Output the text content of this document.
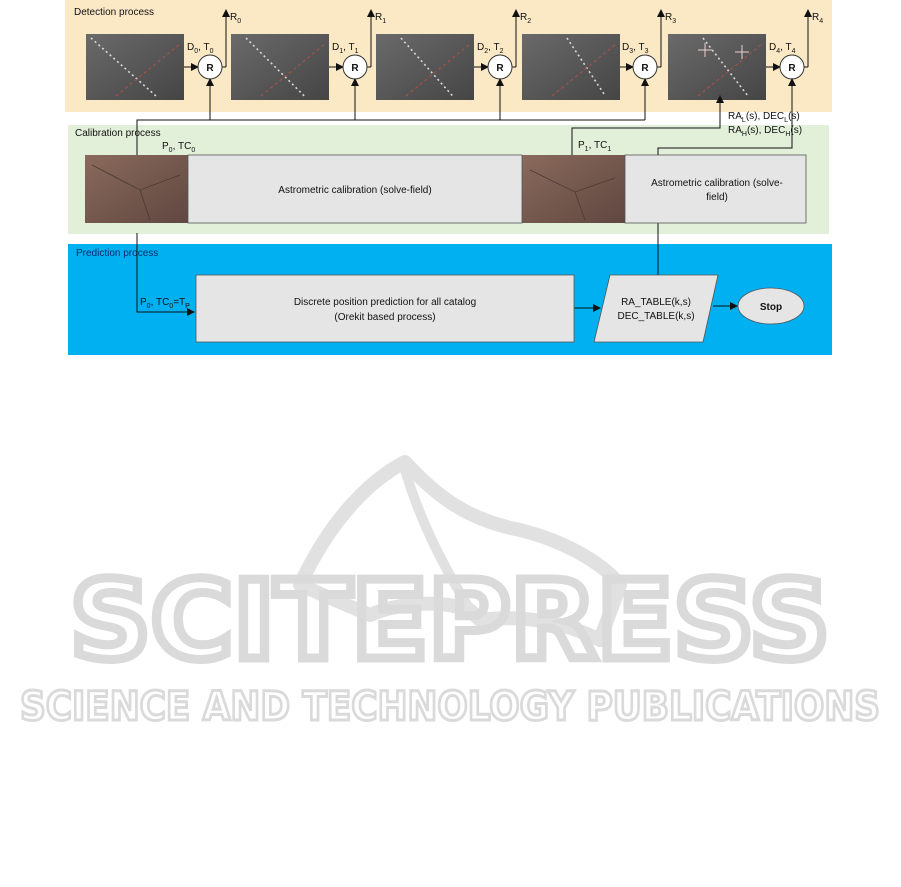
SCITEPRESS
SCIENCE AND TECHNOLOGY PUBLICATIONS
Detection process
Calibration process
Prediction process
R
$D_0$, $T_0$
$R_0$
R
$D_1$, $T_1$
$R_1$
R
$D_2$, $T_2$
$R_2$
R
$D_3$, $T_3$
$R_3$
R
$D_4$, $T_4$
$R_4$
Astrometric calibration (solve-field)
Astrometric calibration (solve-
field)
$P_0$, $TC_0$	$P_1$, $TC_1$
$RA_L(s)$, $DEC_L(s)$
$RA_H(s)$, $DEC_H(s)$
Discrete position prediction for all catalog
(Orekit based process)
$P_0$, $TC_0=T_P$	RA_TABLE(k,s)
DEC_TABLE(k,s)
Stop
